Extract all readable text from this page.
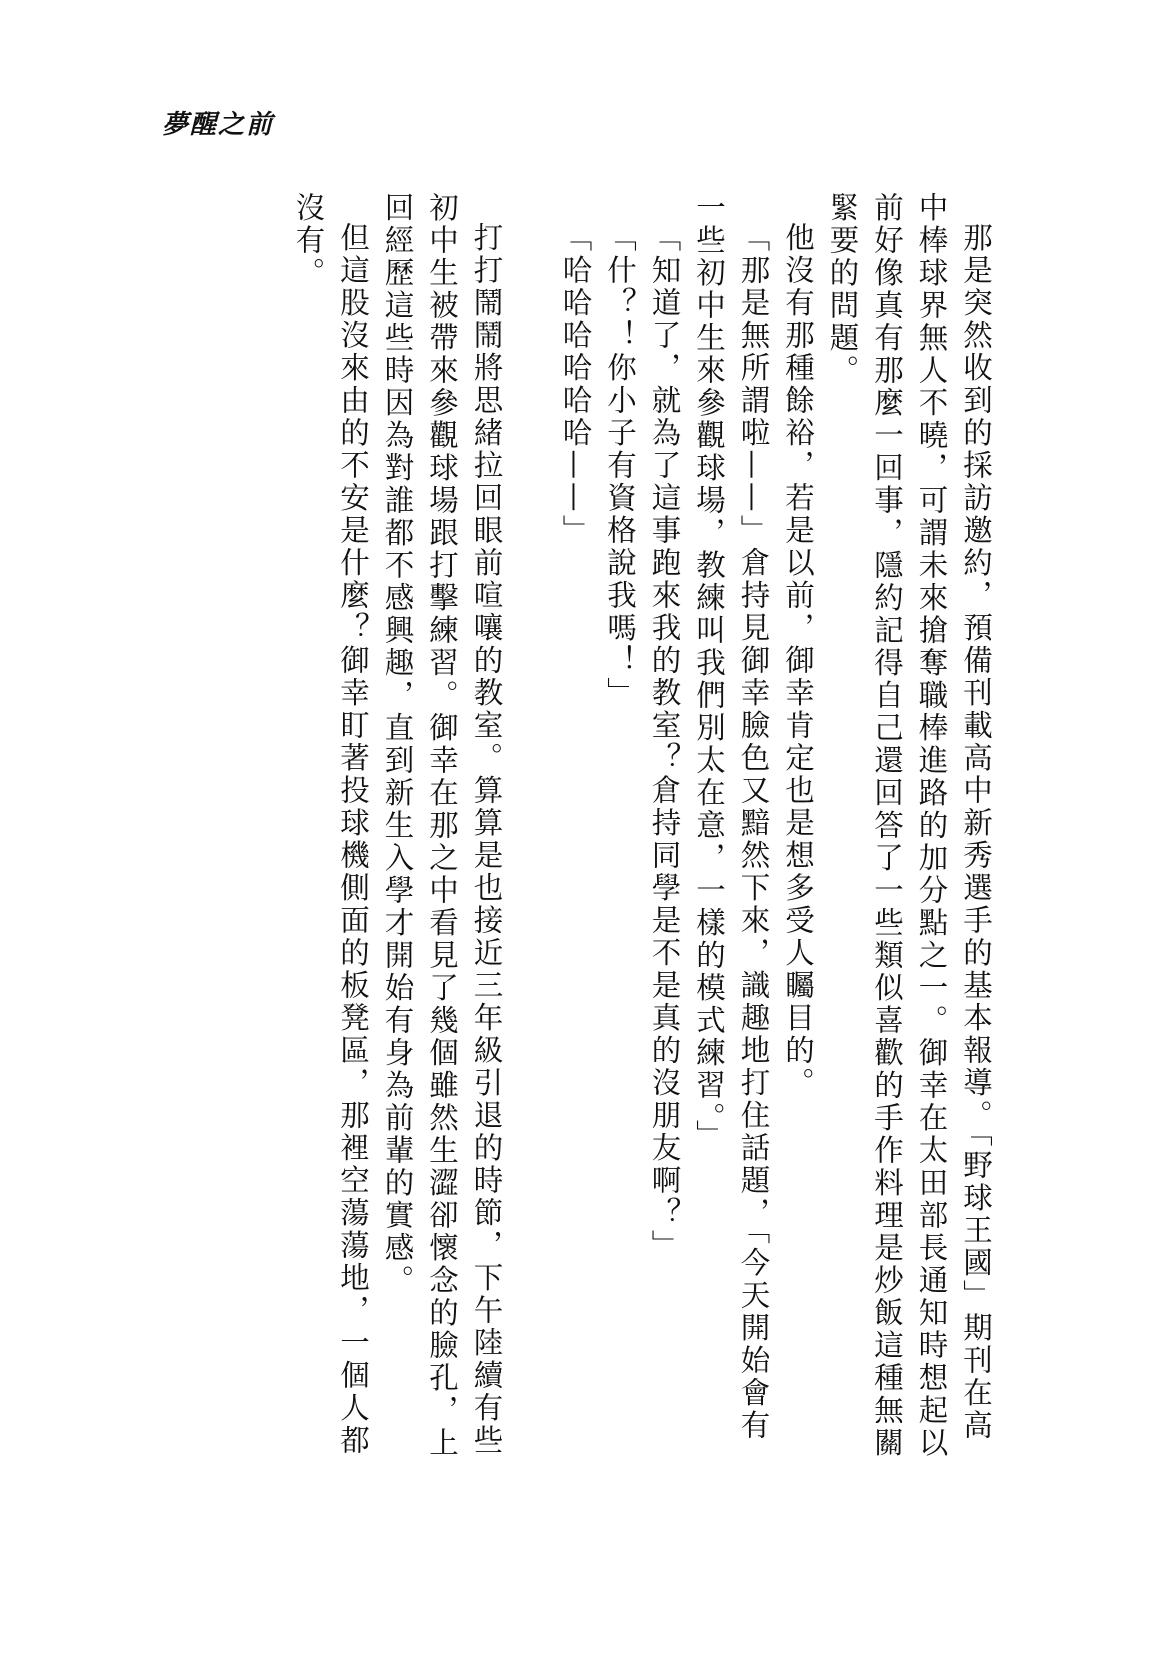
夢醒之前

那是突然收到的採訪邀約，預備刊載高中新秀選手的基本報導。「野球王國」期刊在高中棒球界無人不曉，可謂未來搶奪職棒進路的加分點之一。御幸在太田部長通知時想起以前好像真有那麼一回事，隱約記得自己還回答了一些類似喜歡的手作料理是炒飯這種無關緊要的問題。

他沒有那種餘裕，若是以前，御幸肯定也是想多受人矚目的。

「那是無所謂啦——」倉持見御幸臉色又黯然下來，識趣地打住話題，「今天開始會有一些初中生來參觀球場，教練叫我們別太在意，一樣的模式練習。」

「知道了，就為了這事跑來我的教室？倉持同學是不是真的沒朋友啊？」

「什？！你小子有資格說我嗎！」

「哈哈哈哈哈哈——」

打打鬧鬧將思緒拉回眼前喧嚷的教室。算算是也接近三年級引退的時節，下午陸續有些初中生被帶來參觀球場跟打擊練習。御幸在那之中看見了幾個雖然生澀卻懷念的臉孔，上回經歷這些時因為對誰都不感興趣，直到新生入學才開始有身為前輩的實感。

但這股沒來由的不安是什麼？御幸盯著投球機側面的板凳區，那裡空蕩蕩地，一個人都沒有。
